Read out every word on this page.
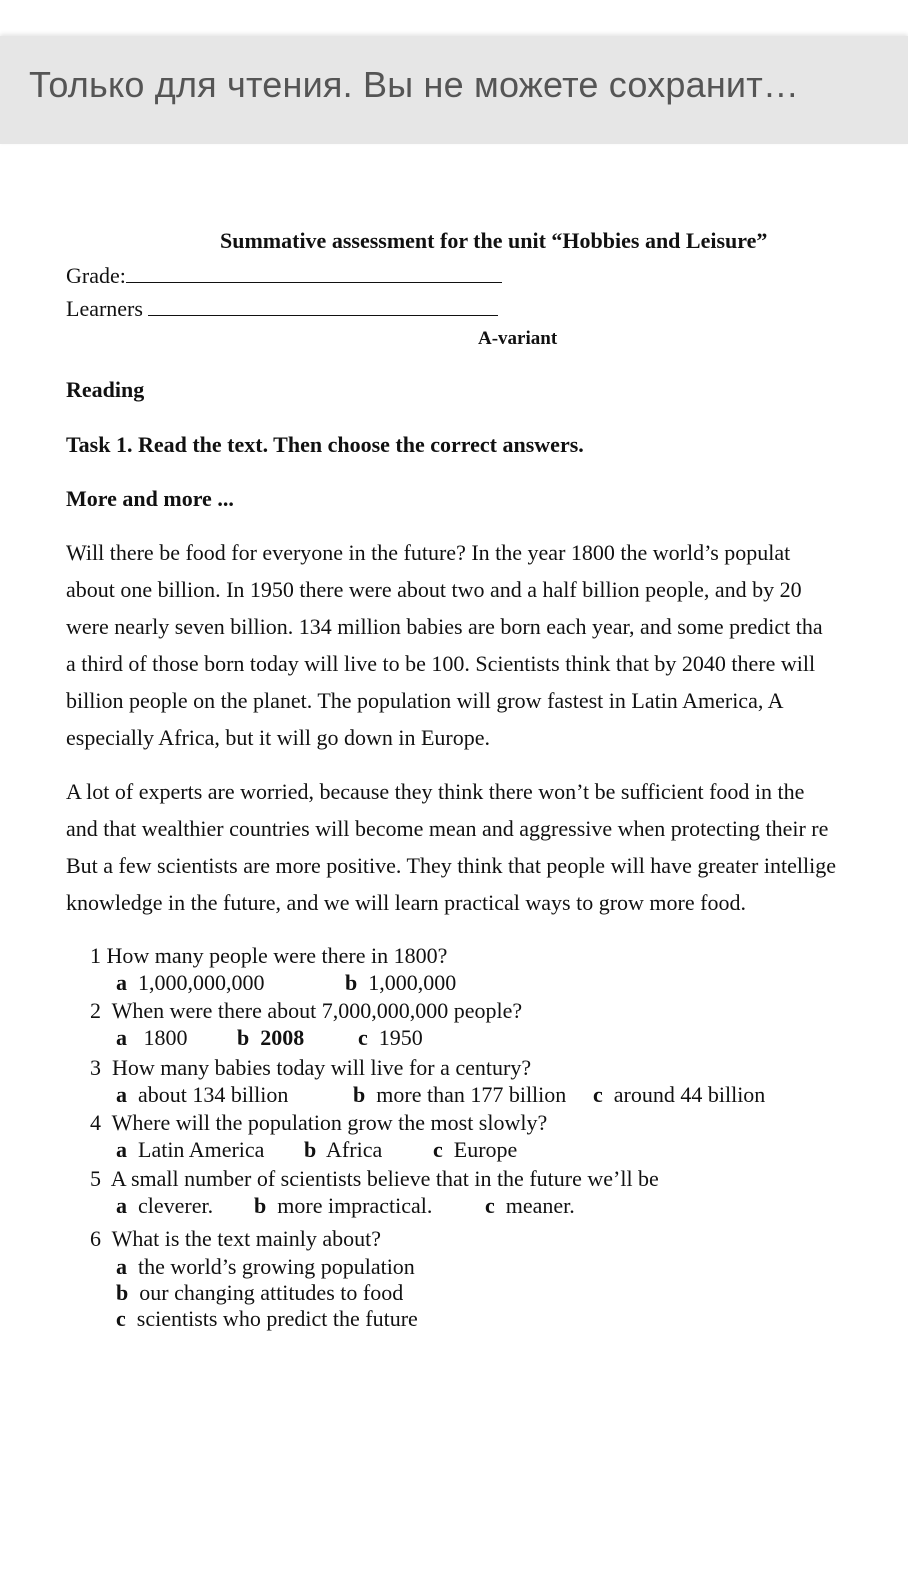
Summative assessment for the unit “Hobbies and Leisure”
Grade:
Learners
A-variant
Reading
Task 1. Read the text. Then choose the correct answers.
More and more ...
Will there be food for everyone in the future? In the year 1800 the world’s populat
about one billion. In 1950 there were about two and a half billion people, and by 20
were nearly seven billion. 134 million babies are born each year, and some predict tha
a third of those born today will live to be 100. Scientists think that by 2040 there will
billion people on the planet. The population will grow fastest in Latin America, A
especially Africa, but it will go down in Europe.
A lot of experts are worried, because they think there won’t be sufficient food in the
and that wealthier countries will become mean and aggressive when protecting their re
But a few scientists are more positive. They think that people will have greater intellige
knowledge in the future, and we will learn practical ways to grow more food.
1 How many people were there in 1800?
a 1,000,000,000	b 1,000,000
2 When were there about 7,000,000,000 people?
a 1800 b 2008 c 1950
3 How many babies today will live for a century?
a about 134 billion	b more than 177 billion c around 44 billion
4 Where will the population grow the most slowly?
a Latin America b Africa c Europe
5 A small number of scientists believe that in the future we’ll be
a cleverer. b more impractical. c meaner.
6 What is the text mainly about?
a the world’s growing population
b our changing attitudes to food
c scientists who predict the future
Только для чтения. Вы не можете сохранит…
